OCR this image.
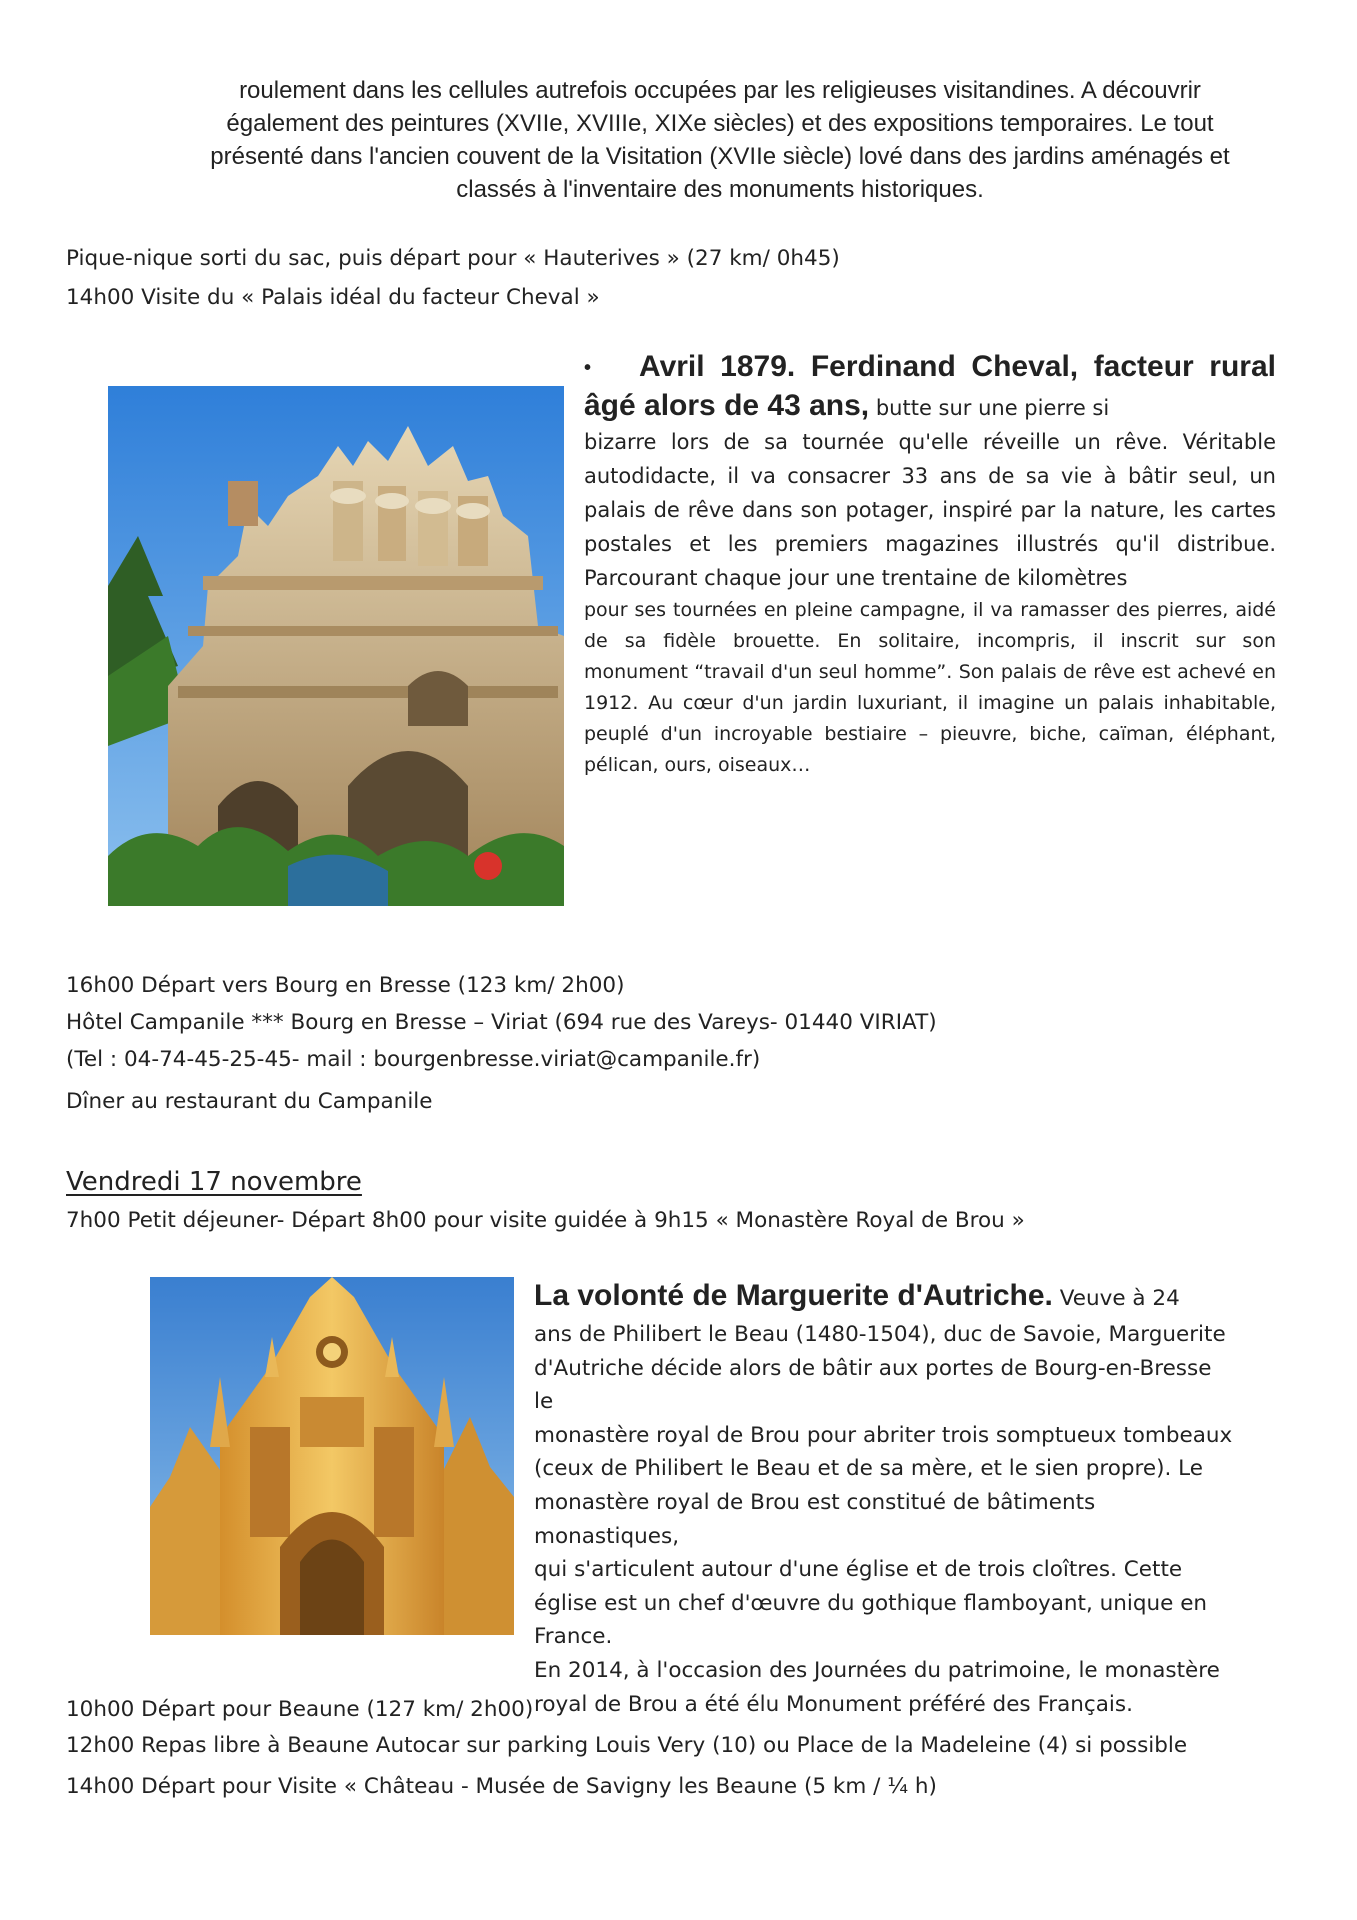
roulement dans les cellules autrefois occupées par les religieuses visitandines. A découvrir
également des peintures (XVIIe, XVIIIe, XIXe siècles) et des expositions temporaires. Le tout
présenté dans l'ancien couvent de la Visitation (XVIIe siècle) lové dans des jardins aménagés et
classés à l'inventaire des monuments historiques.
Pique-nique sorti du sac, puis départ pour « Hauterives » (27 km/ 0h45)
14h00 Visite du « Palais idéal du facteur Cheval »
• Avril 1879. Ferdinand Cheval, facteur rural âgé alors de 43 ans, butte sur une pierre si
bizarre lors de sa tournée qu'elle réveille un rêve. Véritable autodidacte, il va consacrer 33 ans de sa vie à bâtir seul, un palais de rêve dans son potager, inspiré par la nature, les cartes postales et les premiers magazines illustrés qu'il distribue. Parcourant chaque jour une trentaine de kilomètres
pour ses tournées en pleine campagne, il va ramasser des pierres, aidé de sa fidèle brouette. En solitaire, incompris, il inscrit sur son monument “travail d'un seul homme”. Son palais de rêve est achevé en 1912. Au cœur d'un jardin luxuriant, il imagine un palais inhabitable, peuplé d'un incroyable bestiaire – pieuvre, biche, caïman, éléphant, pélican, ours, oiseaux…
16h00 Départ vers Bourg en Bresse (123 km/ 2h00)
Hôtel Campanile *** Bourg en Bresse – Viriat (694 rue des Vareys- 01440 VIRIAT)
(Tel : 04-74-45-25-45- mail : bourgenbresse.viriat@campanile.fr)
Dîner au restaurant du Campanile
Vendredi 17 novembre
7h00 Petit déjeuner- Départ 8h00 pour visite guidée à 9h15 « Monastère Royal de Brou »
La volonté de Marguerite d'Autriche. Veuve à 24
ans de Philibert le Beau (1480-1504), duc de Savoie, Marguerite
d'Autriche décide alors de bâtir aux portes de Bourg-en-Bresse le
monastère royal de Brou pour abriter trois somptueux tombeaux
(ceux de Philibert le Beau et de sa mère, et le sien propre). Le
monastère royal de Brou est constitué de bâtiments monastiques,
qui s'articulent autour d'une église et de trois cloîtres. Cette
église est un chef d'œuvre du gothique flamboyant, unique en
France.
En 2014, à l'occasion des Journées du patrimoine, le monastère
royal de Brou a été élu Monument préféré des Français.
10h00 Départ pour Beaune (127 km/ 2h00)
12h00 Repas libre à Beaune Autocar sur parking Louis Very (10) ou Place de la Madeleine (4) si possible
14h00 Départ pour Visite « Château - Musée de Savigny les Beaune (5 km / ¼ h)
